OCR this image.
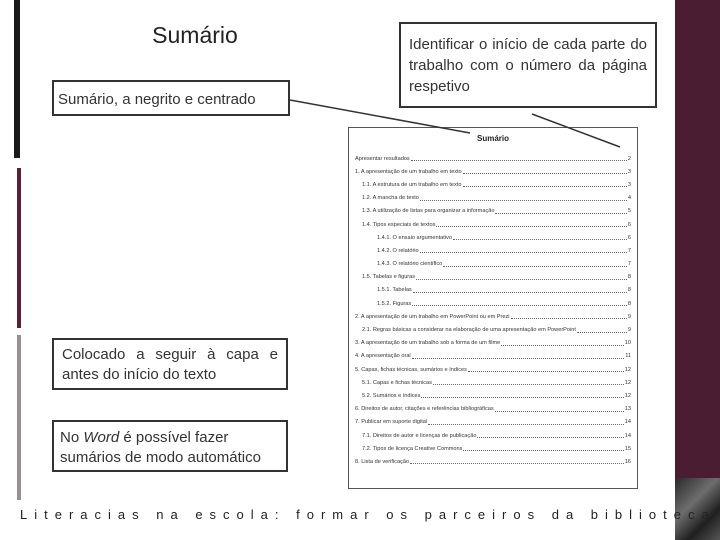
Sumário
Sumário, a negrito e centrado
Identificar o início de cada parte do trabalho com o número da página respetivo
Colocado a seguir à capa e antes do início do texto
No Word é possível fazer sumários de modo automático
Sumário
Apresentar resultados	2
1. A apresentação de um trabalho em texto	3
1.1. A estrutura de um trabalho em texto	3
1.2. A mancha de texto	4
1.3. A utilização de listas para organizar a informação	5
1.4. Tipos especiais de textos	6
1.4.1. O ensaio argumentativo	6
1.4.2. O relatório	7
1.4.3. O relatório científico	7
1.5. Tabelas e figuras	8
1.5.1. Tabelas	8
1.5.2. Figuras	8
2. A apresentação de um trabalho em PowerPoint ou em Prezi	9
2.1. Regras básicas a considerar na elaboração de uma apresentação em PowerPoint	9
3. A apresentação de um trabalho sob a forma de um filme	10
4. A apresentação oral	11
5. Capas, fichas técnicas, sumários e índices	12
5.1. Capas e fichas técnicas	12
5.2. Sumários e índices	12
6. Direitos de autor, citações e referências bibliográficas	13
7. Publicar em suporte digital	14
7.1. Direitos de autor e licenças de publicação	14
7.2. Tipos de licença Creative Commons	15
8. Lista de verificação	16
Literacias na escola: formar os parceiros da biblioteca
